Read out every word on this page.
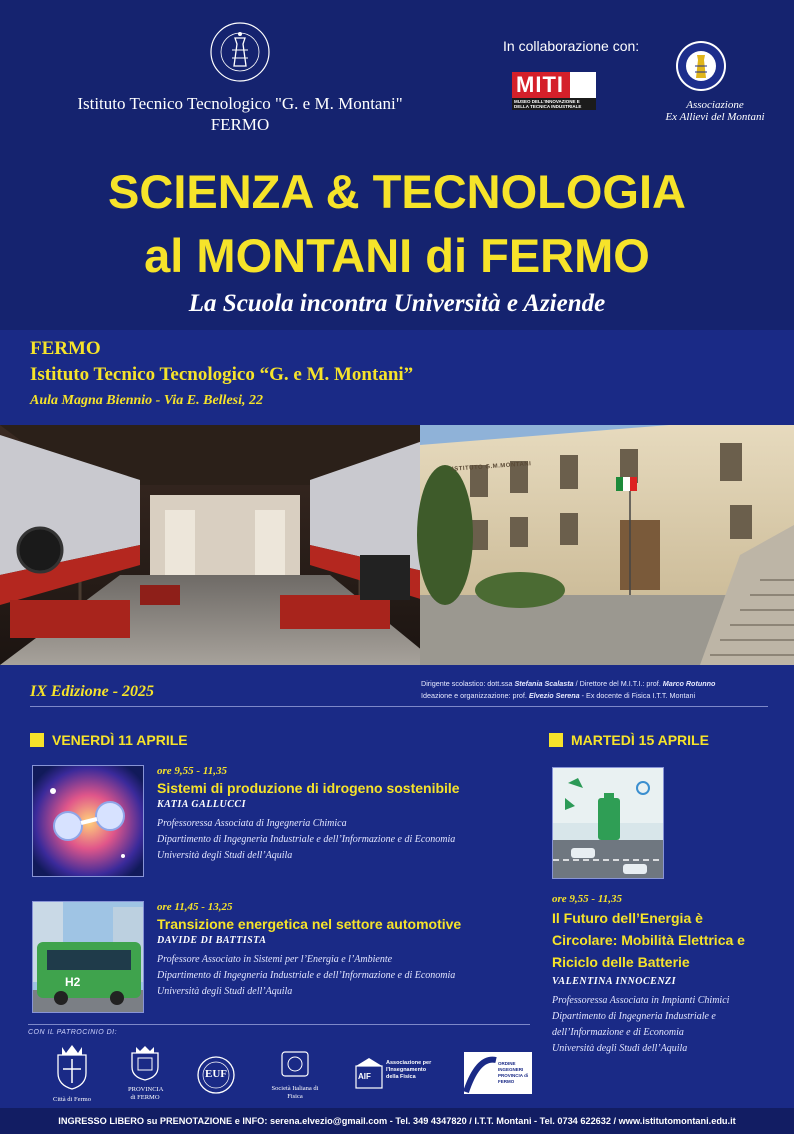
Istituto Tecnico Tecnologico "G. e M. Montani"
FERMO
In collaborazione con:
MITI
MUSEO DELL'INNOVAZIONE E DELLA TECNICA INDUSTRIALE	Associazione
Ex Allievi del Montani
SCIENZA & TECNOLOGIA
al MONTANI di FERMO
La Scuola incontra Università e Aziende
FERMO
Istituto Tecnico Tecnologico “G. e M. Montani”
Aula Magna Biennio - Via E. Bellesi, 22
ISTITUTO G.M.MONTANI
IX Edizione - 2025	Dirigente scolastico: dott.ssa Stefania Scalasta / Direttore del M.I.T.I.: prof. Marco Rotunno
Ideazione e organizzazione: prof. Elvezio Serena - Ex docente di Fisica I.T.T. Montani
VENERDÌ 11 APRILE	MARTEDÌ 15 APRILE
ore 9,55 - 11,35
Sistemi di produzione di idrogeno sostenibile
KATIA GALLUCCI
Professoressa Associata di Ingegneria Chimica
Dipartimento di Ingegneria Industriale e dell’Informazione e di Economia
Università degli Studi dell’Aquila
H2
ore 11,45 - 13,25
Transizione energetica nel settore automotive
DAVIDE DI BATTISTA
Professore Associato in Sistemi per l’Energia e l’Ambiente
Dipartimento di Ingegneria Industriale e dell’Informazione e di Economia
Università degli Studi dell’Aquila
ore 9,55 - 11,35
Il Futuro dell’Energia è
Circolare: Mobilità Elettrica e
Riciclo delle Batterie
VALENTINA INNOCENZI
Professoressa Associata in Impianti Chimici
Dipartimento di Ingegneria Industriale e
dell’Informazione e di Economia
Università degli Studi dell’Aquila
CON IL PATROCINIO DI:
Città di Fermo
PROVINCIA di FERMO
EUF
Società Italiana di Fisica
AIF
Associazione per l'Insegnamento della Fisica
ORDINE INGEGNERI PROVINCIA di FERMO
INGRESSO LIBERO su PRENOTAZIONE e INFO: serena.elvezio@gmail.com - Tel. 349 4347820 / I.T.T. Montani - Tel. 0734 622632 / www.istitutomontani.edu.it
